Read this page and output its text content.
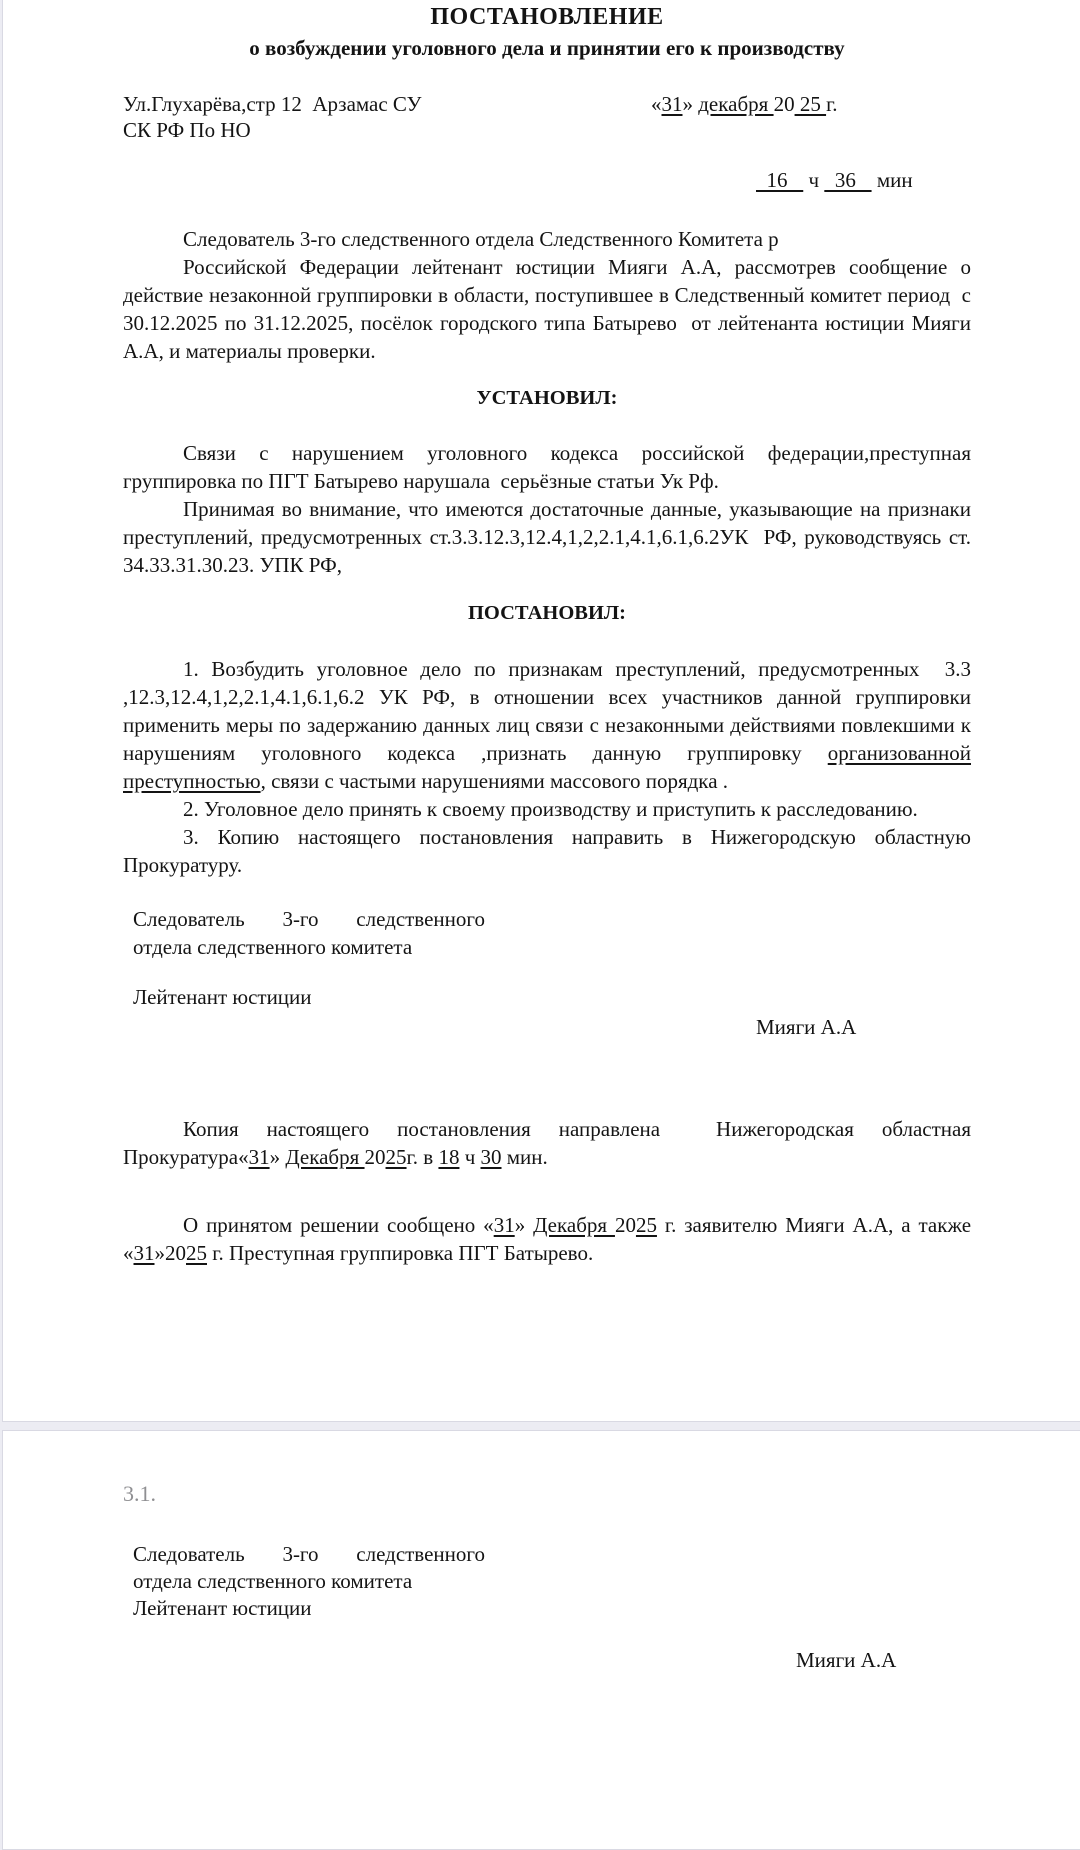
ПОСТАНОВЛЕНИЕ
о возбуждении уголовного дела и принятии его к производству
Ул.Глухарёва,стр 12  Арзамас СУ
СК РФ По НО
«31» декабря 20 25 г.
16    ч   36    мин

Следователь 3-го следственного отдела Следственного Комитета р

Российской Федерации лейтенант юстиции Мияги А.А, рассмотрев сообщение о действие незаконной группировки в области, поступившее в Следственный комитет период  с 30.12.2025 по 31.12.2025, посёлок городского типа Батырево  от лейтенанта юстиции Мияги А.А, и материалы проверки.

УСТАНОВИЛ:

Связи с нарушением уголовного кодекса российской федерации,преступная группировка по ПГТ Батырево нарушала  серьёзные статьи Ук Рф.

Принимая во внимание, что имеются достаточные данные, указывающие на признаки преступлений, предусмотренных ст.3.3.12.3,12.4,1,2,2.1,4.1,6.1,6.2УК  РФ, руководствуясь ст. 34.33.31.30.23. УПК РФ,

ПОСТАНОВИЛ:

1. Возбудить уголовное дело по признакам преступлений, предусмотренных  3.3 ,12.3,12.4,1,2,2.1,4.1,6.1,6.2 УК РФ, в отношении всех участников данной группировки применить меры по задержанию данных лиц связи с незаконными действиями повлекшими к нарушениям уголовного кодекса ,признать данную группировку организованной преступностью, связи с частыми нарушениями массового порядка .

2. Уголовное дело принять к своему производству и приступить к расследованию.

3. Копию настоящего постановления направить в Нижегородскую областную Прокуратуру.

Следователь 3-го следственного
отдела следственного комитета
Лейтенант юстиции
Мияги А.А

Копия настоящего постановления направлена  Нижегородская областная Прокуратура«31» Декабря 2025г. в 18 ч 30 мин.

О принятом решении сообщено «31» Декабря 2025 г. заявителю Мияги А.А, а также «31»2025 г. Преступная группировка ПГТ Батырево.

3.1.
Следователь 3-го следственного
отдела следственного комитета
Лейтенант юстиции
Мияги А.А
